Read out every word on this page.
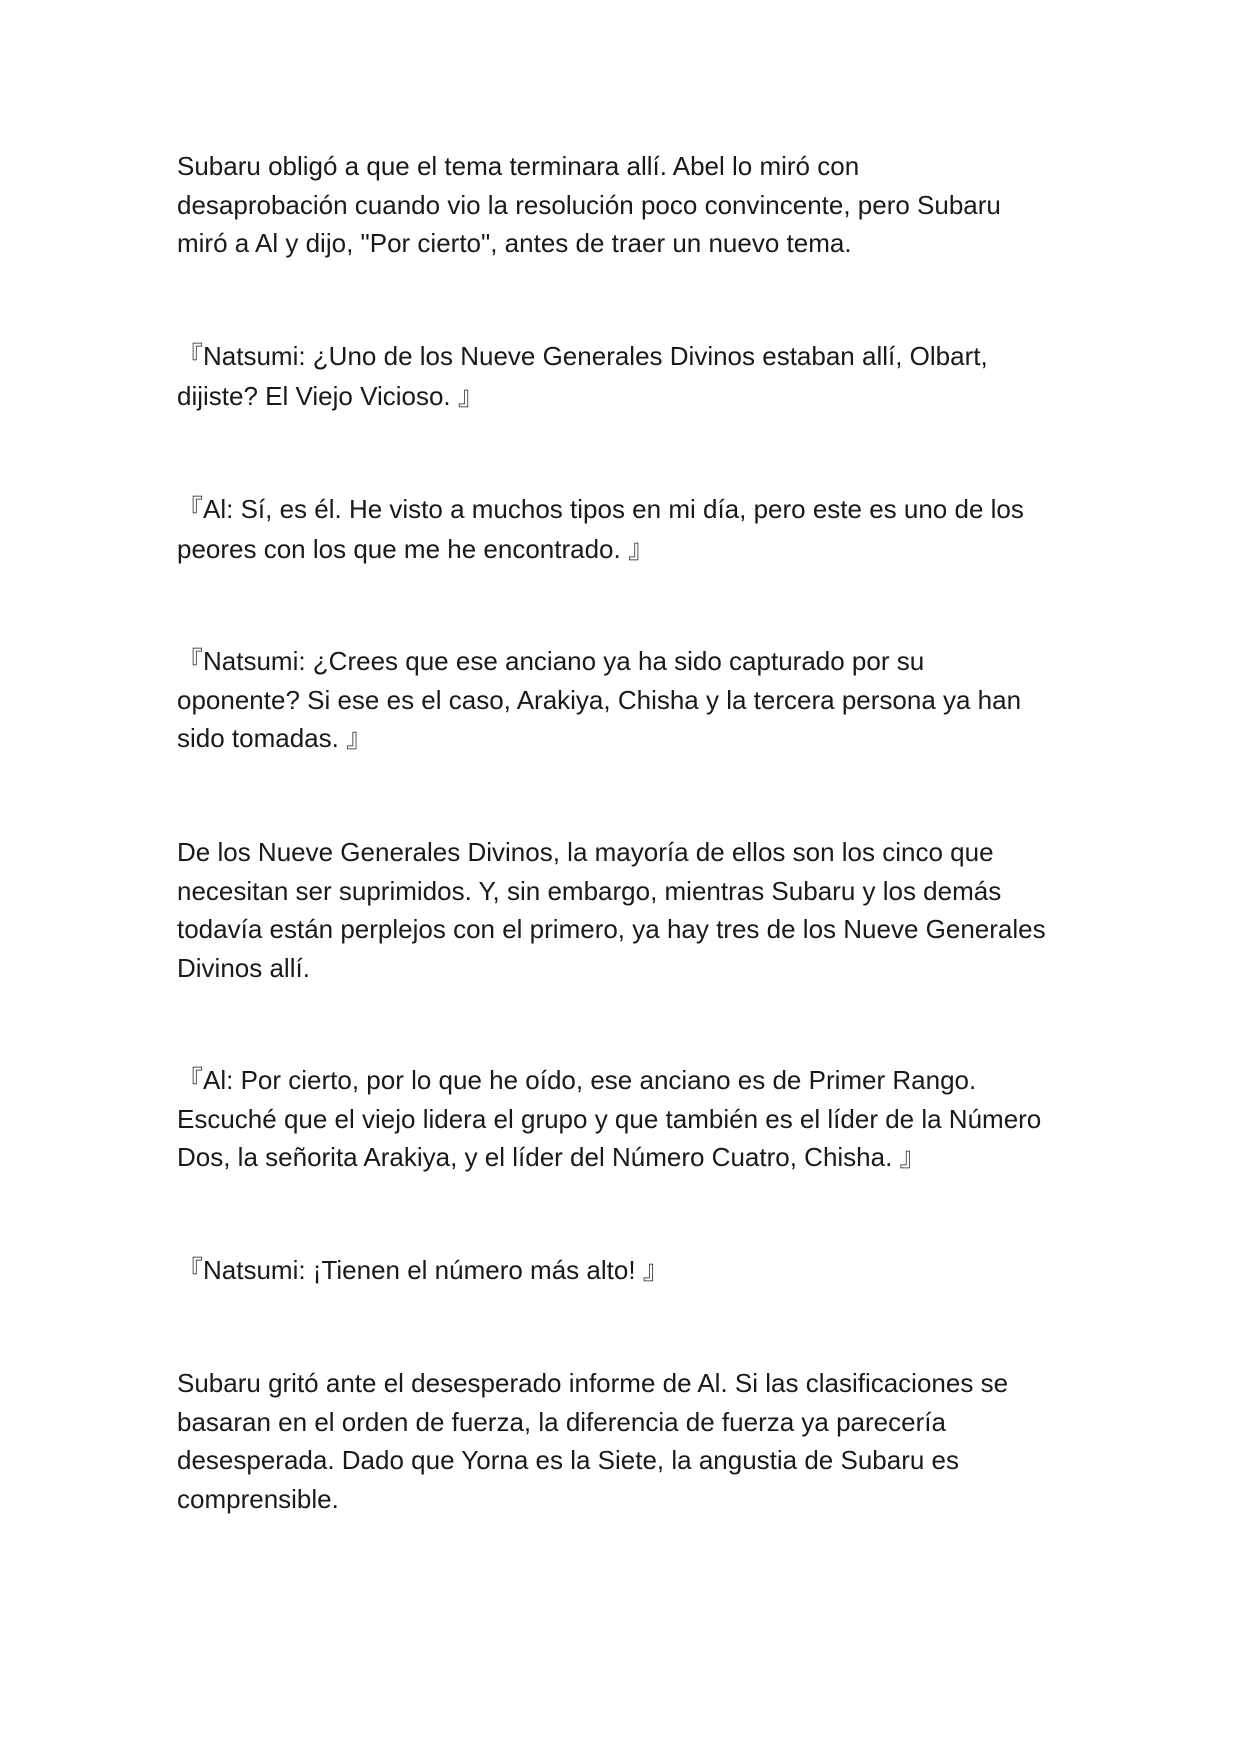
Subaru obligó a que el tema terminara allí. Abel lo miró con
desaprobación cuando vio la resolución poco convincente, pero Subaru
miró a Al y dijo, "Por cierto", antes de traer un nuevo tema.

『Natsumi: ¿Uno de los Nueve Generales Divinos estaban allí, Olbart,
dijiste? El Viejo Vicioso. 』

『Al: Sí, es él. He visto a muchos tipos en mi día, pero este es uno de los
peores con los que me he encontrado. 』

『Natsumi: ¿Crees que ese anciano ya ha sido capturado por su
oponente? Si ese es el caso, Arakiya, Chisha y la tercera persona ya han
sido tomadas. 』

De los Nueve Generales Divinos, la mayoría de ellos son los cinco que
necesitan ser suprimidos. Y, sin embargo, mientras Subaru y los demás
todavía están perplejos con el primero, ya hay tres de los Nueve Generales
Divinos allí.

『Al: Por cierto, por lo que he oído, ese anciano es de Primer Rango.
Escuché que el viejo lidera el grupo y que también es el líder de la Número
Dos, la señorita Arakiya, y el líder del Número Cuatro, Chisha. 』

『Natsumi: ¡Tienen el número más alto! 』

Subaru gritó ante el desesperado informe de Al. Si las clasificaciones se
basaran en el orden de fuerza, la diferencia de fuerza ya parecería
desesperada. Dado que Yorna es la Siete, la angustia de Subaru es
comprensible.
